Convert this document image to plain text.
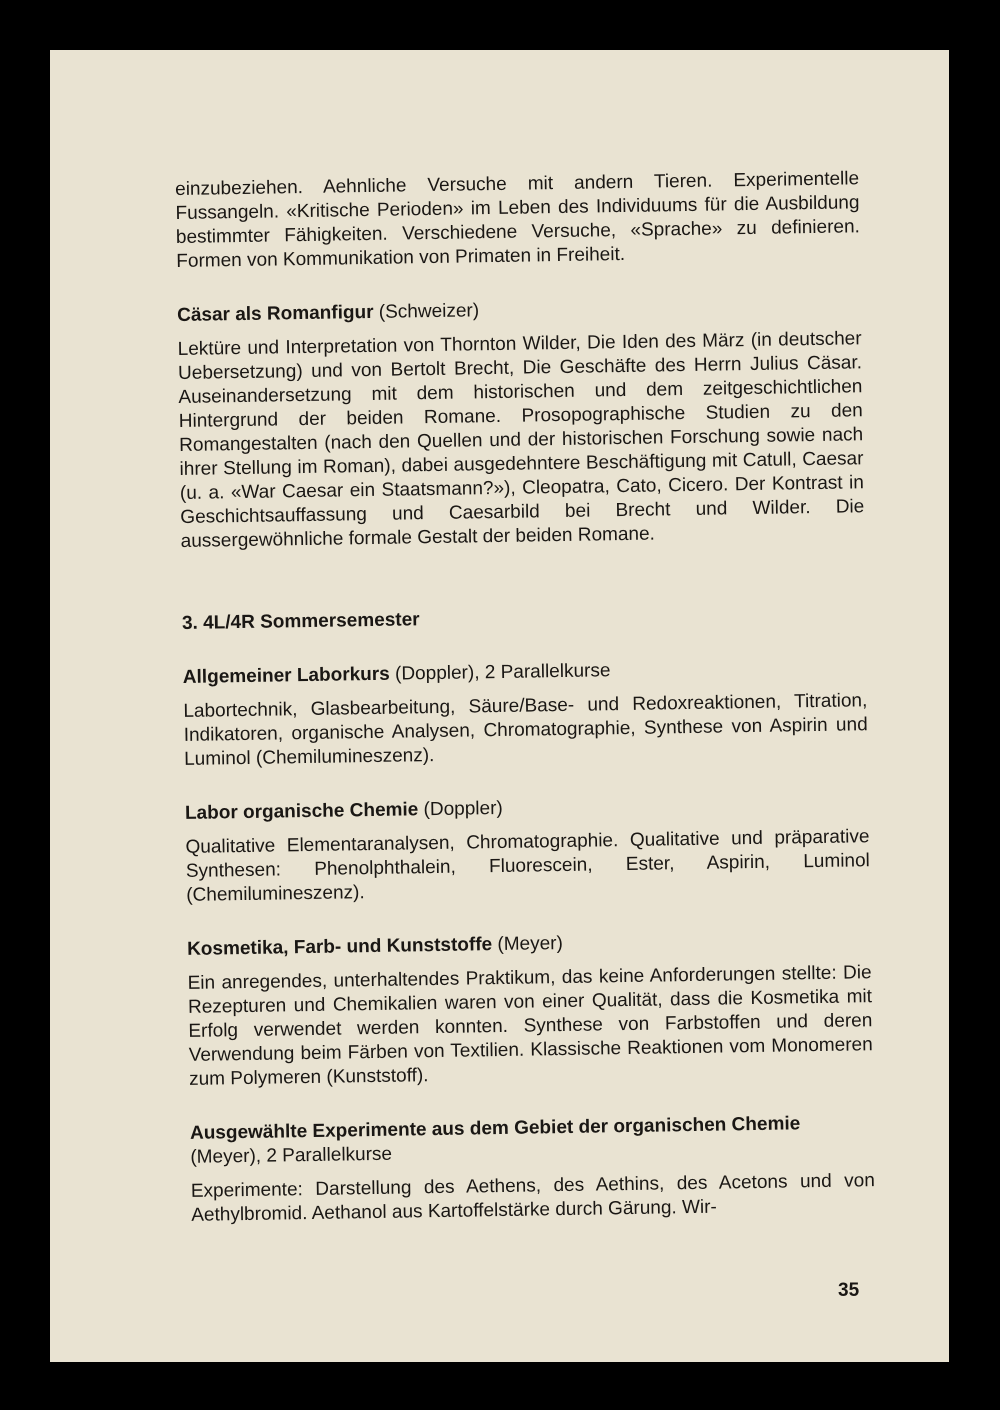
einzubeziehen. Aehnliche Versuche mit andern Tieren. Experimentelle Fussangeln. «Kritische Perioden» im Leben des Individuums für die Ausbildung bestimmter Fähigkeiten. Verschiedene Versuche, «Sprache» zu definieren. Formen von Kommunikation von Primaten in Freiheit.

Cäsar als Romanfigur (Schweizer)

Lektüre und Interpretation von Thornton Wilder, Die Iden des März (in deutscher Uebersetzung) und von Bertolt Brecht, Die Geschäfte des Herrn Julius Cäsar. Auseinandersetzung mit dem historischen und dem zeitgeschichtlichen Hintergrund der beiden Romane. Prosopographische Studien zu den Romangestalten (nach den Quellen und der historischen Forschung sowie nach ihrer Stellung im Roman), dabei ausgedehntere Beschäftigung mit Catull, Caesar (u. a. «War Caesar ein Staatsmann?»), Cleopatra, Cato, Cicero. Der Kontrast in Geschichtsauffassung und Caesarbild bei Brecht und Wilder. Die aussergewöhnliche formale Gestalt der beiden Romane.

3. 4L/4R Sommersemester

Allgemeiner Laborkurs (Doppler), 2 Parallelkurse

Labortechnik, Glasbearbeitung, Säure/Base- und Redoxreaktionen, Titration, Indikatoren, organische Analysen, Chromatographie, Synthese von Aspirin und Luminol (Chemilumineszenz).

Labor organische Chemie (Doppler)

Qualitative Elementaranalysen, Chromatographie. Qualitative und präparative Synthesen: Phenolphthalein, Fluorescein, Ester, Aspirin, Luminol (Chemilumineszenz).

Kosmetika, Farb- und Kunststoffe (Meyer)

Ein anregendes, unterhaltendes Praktikum, das keine Anforderungen stellte: Die Rezepturen und Chemikalien waren von einer Qualität, dass die Kosmetika mit Erfolg verwendet werden konnten. Synthese von Farbstoffen und deren Verwendung beim Färben von Textilien. Klassische Reaktionen vom Monomeren zum Polymeren (Kunststoff).

Ausgewählte Experimente aus dem Gebiet der organischen Chemie

(Meyer), 2 Parallelkurse

Experimente: Darstellung des Aethens, des Aethins, des Acetons und von Aethylbromid. Aethanol aus Kartoffelstärke durch Gärung. Wir-

35
